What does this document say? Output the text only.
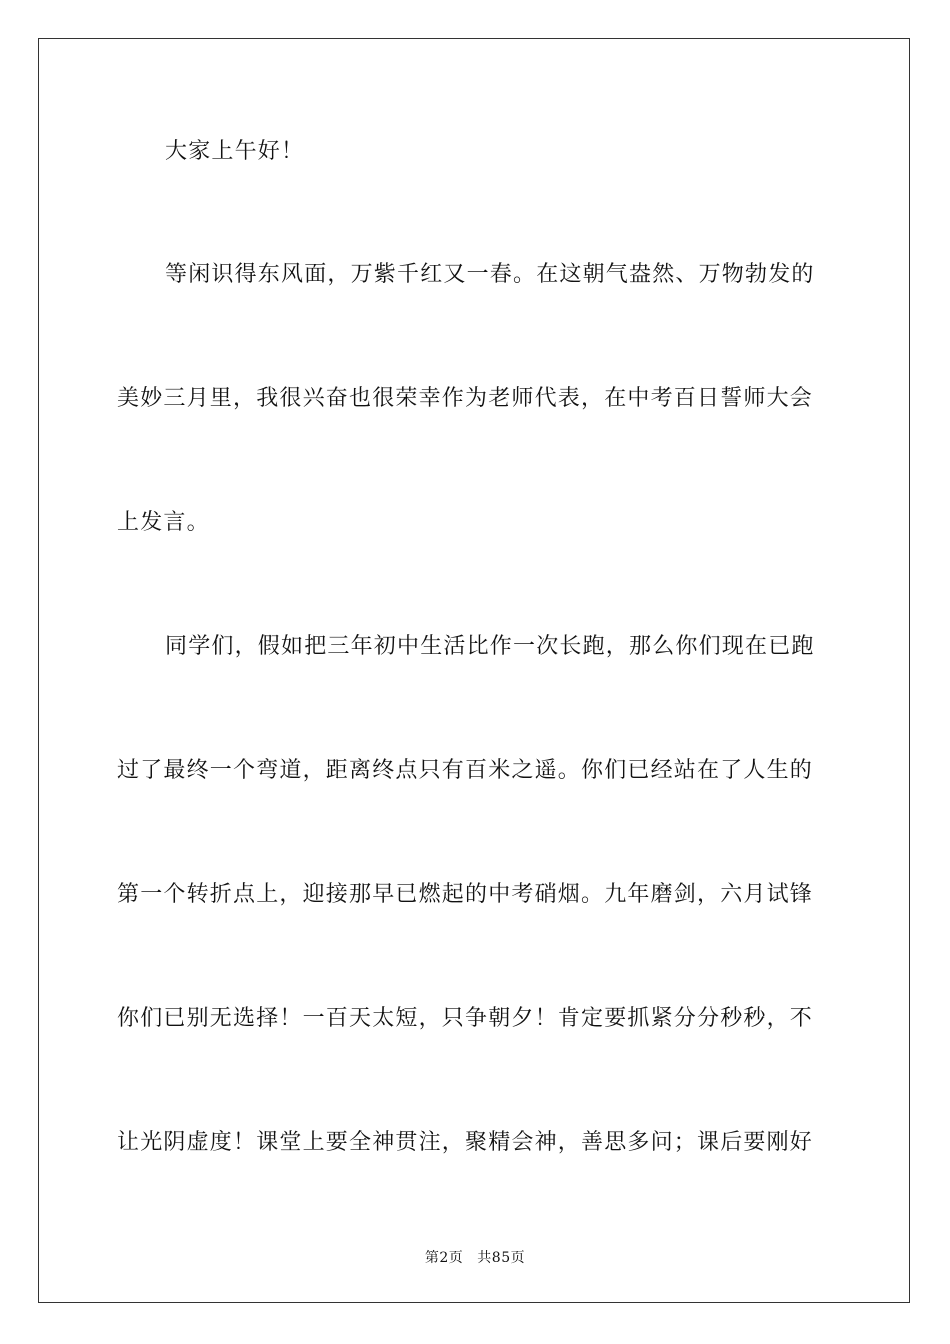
大家上午好！
等闲识得东风面，万紫千红又一春。在这朝气盎然、万物勃发的
美妙三月里，我很兴奋也很荣幸作为老师代表，在中考百日誓师大会
上发言。
同学们，假如把三年初中生活比作一次长跑，那么你们现在已跑
过了最终一个弯道，距离终点只有百米之遥。你们已经站在了人生的
第一个转折点上，迎接那早已燃起的中考硝烟。九年磨剑，六月试锋
你们已别无选择！一百天太短，只争朝夕！肯定要抓紧分分秒秒，不
让光阴虚度！课堂上要全神贯注，聚精会神，善思多问；课后要刚好
第2页 共85页
